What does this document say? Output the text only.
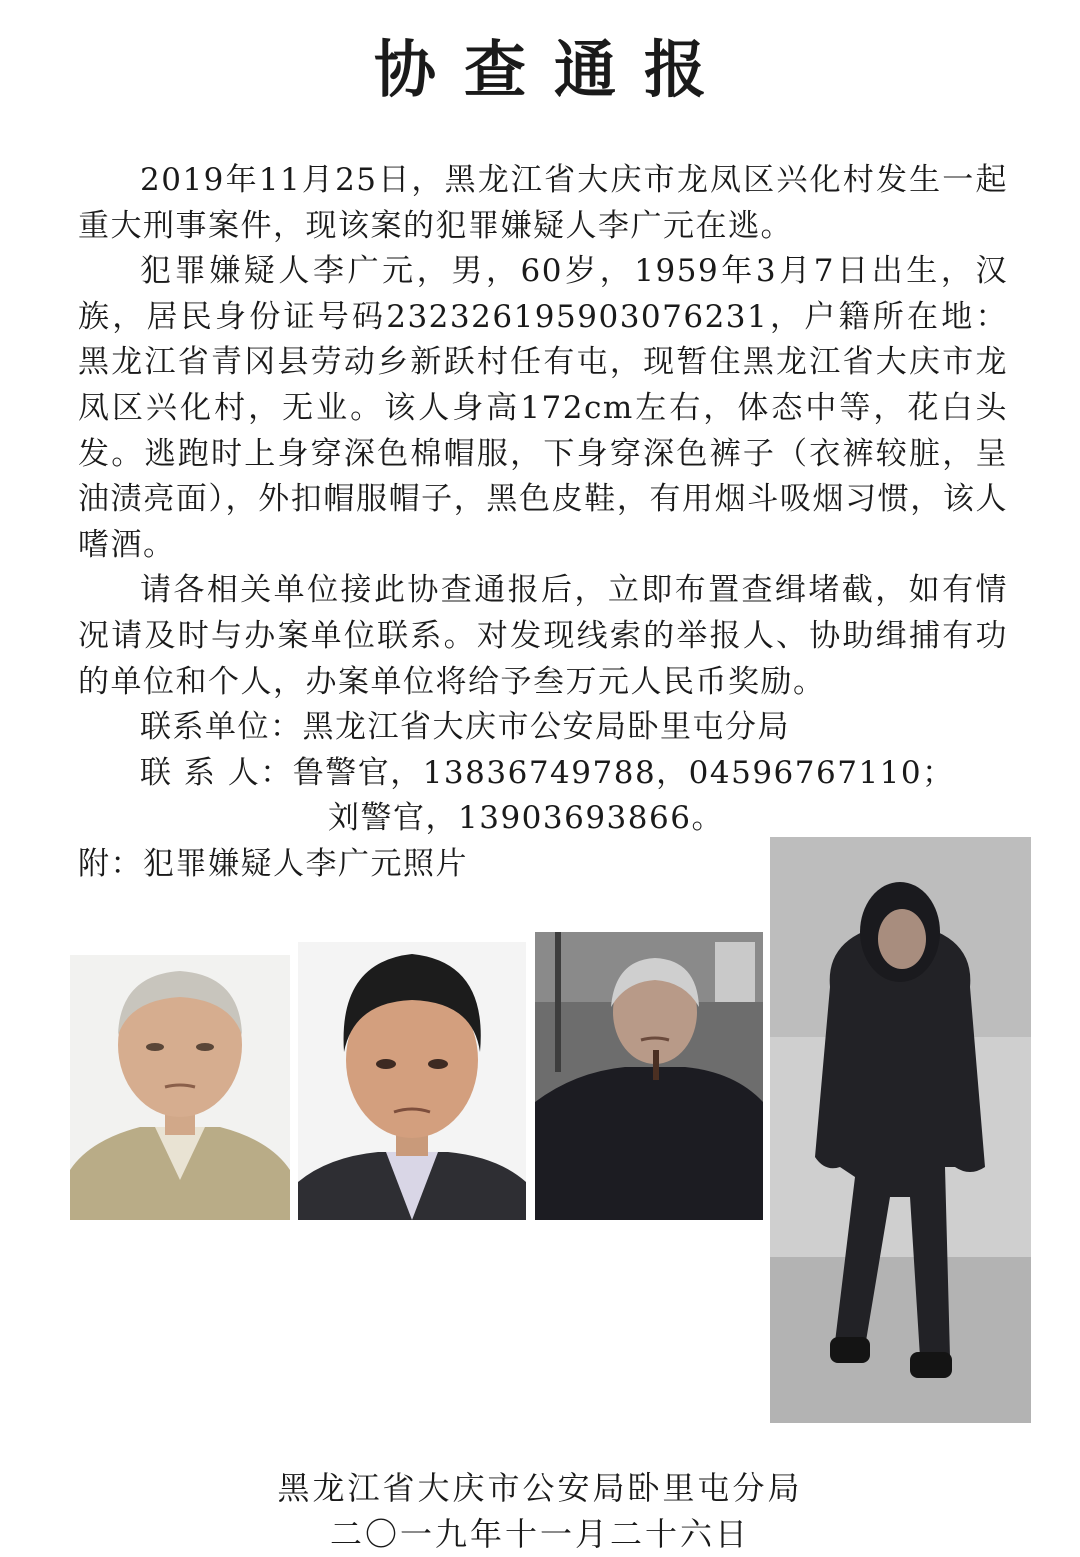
协查通报

2019年11月25日，黑龙江省大庆市龙凤区兴化村发生一起重大刑事案件，现该案的犯罪嫌疑人李广元在逃。

犯罪嫌疑人李广元，男，60岁，1959年3月7日出生，汉族，居民身份证号码232326195903076231，户籍所在地：黑龙江省青冈县劳动乡新跃村任有屯，现暂住黑龙江省大庆市龙凤区兴化村，无业。该人身高172cm左右，体态中等，花白头发。逃跑时上身穿深色棉帽服，下身穿深色裤子（衣裤较脏，呈油渍亮面），外扣帽服帽子，黑色皮鞋，有用烟斗吸烟习惯，该人嗜酒。

请各相关单位接此协查通报后，立即布置查缉堵截，如有情况请及时与办案单位联系。对发现线索的举报人、协助缉捕有功的单位和个人，办案单位将给予叁万元人民币奖励。

联系单位：黑龙江省大庆市公安局卧里屯分局

联 系 人：鲁警官，13836749788，04596767110；

刘警官，13903693866。

附：犯罪嫌疑人李广元照片

黑龙江省大庆市公安局卧里屯分局
二〇一九年十一月二十六日
